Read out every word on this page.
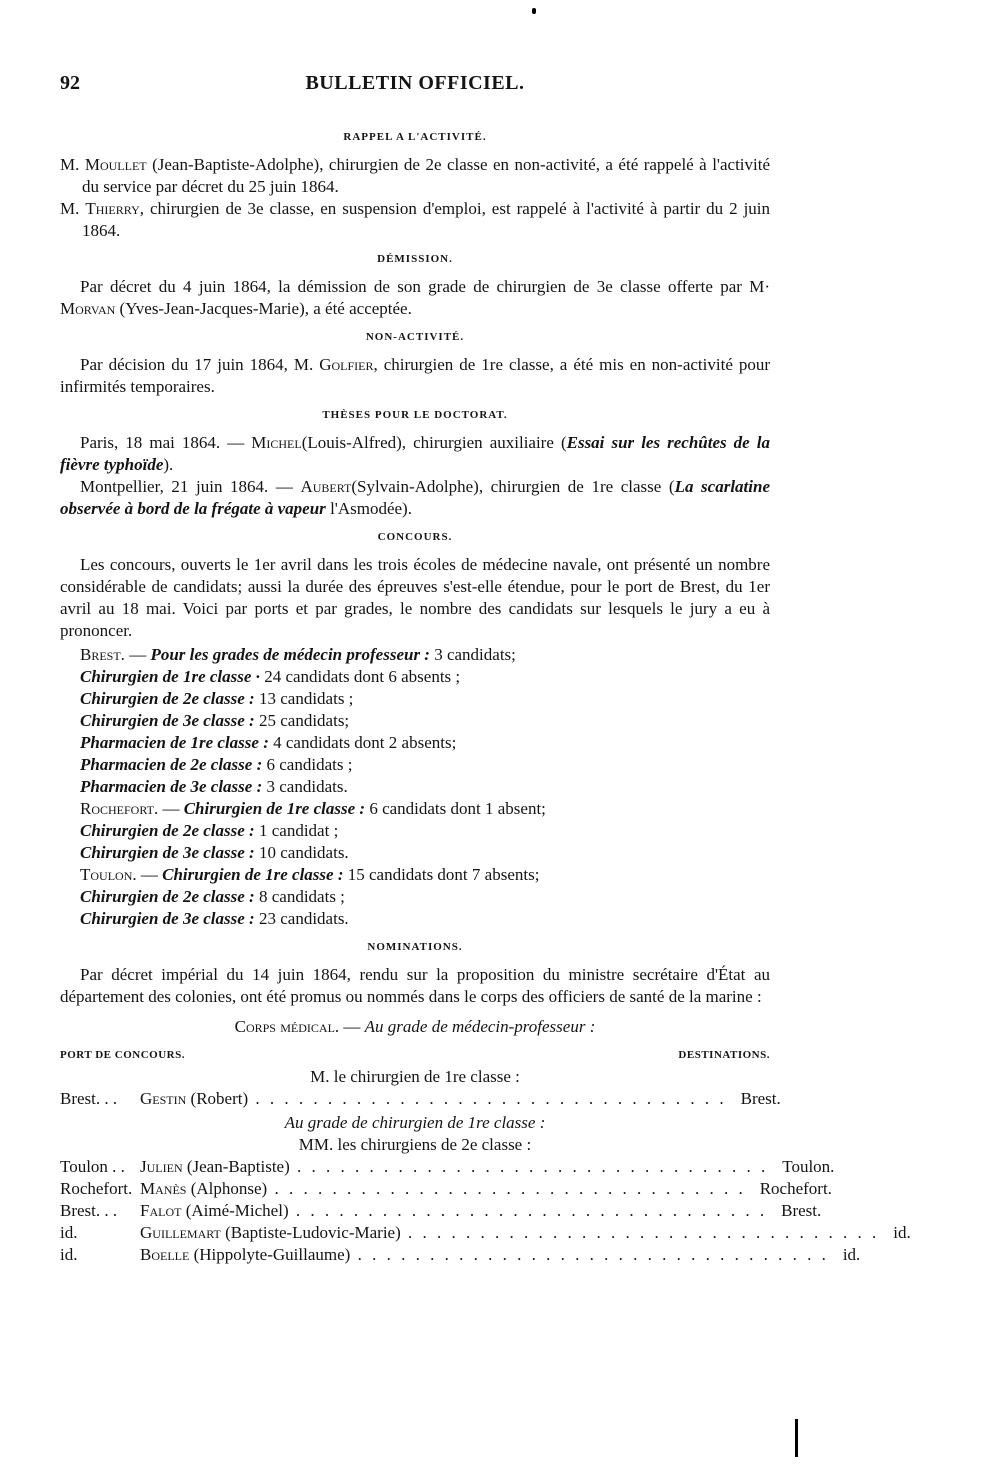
92	BULLETIN OFFICIEL.
RAPPEL A L'ACTIVITÉ.

M. Moullet (Jean-Baptiste-Adolphe), chirurgien de 2e classe en non-activité, a été rappelé à l'activité du service par décret du 25 juin 1864.

M. Thierry, chirurgien de 3e classe, en suspension d'emploi, est rappelé à l'activité à partir du 2 juin 1864.

DÉMISSION.

Par décret du 4 juin 1864, la démission de son grade de chirurgien de 3e classe offerte par M· Morvan (Yves-Jean-Jacques-Marie), a été acceptée.

NON-ACTIVITÉ.

Par décision du 17 juin 1864, M. Golfier, chirurgien de 1re classe, a été mis en non-activité pour infirmités temporaires.

THÈSES POUR LE DOCTORAT.

Paris, 18 mai 1864. — Michel(Louis-Alfred), chirurgien auxiliaire (Essai sur les rechûtes de la fièvre typhoïde).

Montpellier, 21 juin 1864. — Aubert(Sylvain-Adolphe), chirurgien de 1re classe (La scarlatine observée à bord de la frégate à vapeur l'Asmodée).

CONCOURS.

Les concours, ouverts le 1er avril dans les trois écoles de médecine navale, ont présenté un nombre considérable de candidats; aussi la durée des épreuves s'est-elle étendue, pour le port de Brest, du 1er avril au 18 mai. Voici par ports et par grades, le nombre des candidats sur lesquels le jury a eu à prononcer.

Brest. — Pour les grades de médecin professeur : 3 candidats;

Chirurgien de 1re classe · 24 candidats dont 6 absents ;

Chirurgien de 2e classe : 13 candidats ;

Chirurgien de 3e classe : 25 candidats;

Pharmacien de 1re classe : 4 candidats dont 2 absents;

Pharmacien de 2e classe : 6 candidats ;

Pharmacien de 3e classe : 3 candidats.

Rochefort. — Chirurgien de 1re classe : 6 candidats dont 1 absent;

Chirurgien de 2e classe : 1 candidat ;

Chirurgien de 3e classe : 10 candidats.

Toulon. — Chirurgien de 1re classe : 15 candidats dont 7 absents;

Chirurgien de 2e classe : 8 candidats ;

Chirurgien de 3e classe : 23 candidats.

NOMINATIONS.

Par décret impérial du 14 juin 1864, rendu sur la proposition du ministre secrétaire d'État au département des colonies, ont été promus ou nommés dans le corps des officiers de santé de la marine :

Corps médical. — Au grade de médecin-professeur :

PORT DE CONCOURS.	DESTINATIONS.

M. le chirurgien de 1re classe :

Brest. . .	Gestin (Robert) . . . . . . . . . . . . . . . . . . . . . . . . . . . . . . . . . Brest.

Au grade de chirurgien de 1re classe :

MM. les chirurgiens de 2e classe :

Toulon . . Julien (Jean-Baptiste) . . . . . . . . . . . . . . . . . . . . . . . . . . . . . . . . . Toulon.
Rochefort. Manès (Alphonse) . . . . . . . . . . . . . . . . . . . . . . . . . . . . . . . . . Rochefort.
Brest. . .	Falot (Aimé-Michel) . . . . . . . . . . . . . . . . . . . . . . . . . . . . . . . . . Brest.
id.	Guillemart (Baptiste-Ludovic-Marie) . . . . . . . . . . . . . . . . . . . . . . . . . . . . . . . . . id.
id.	Boelle (Hippolyte-Guillaume) . . . . . . . . . . . . . . . . . . . . . . . . . . . . . . . . . id.
